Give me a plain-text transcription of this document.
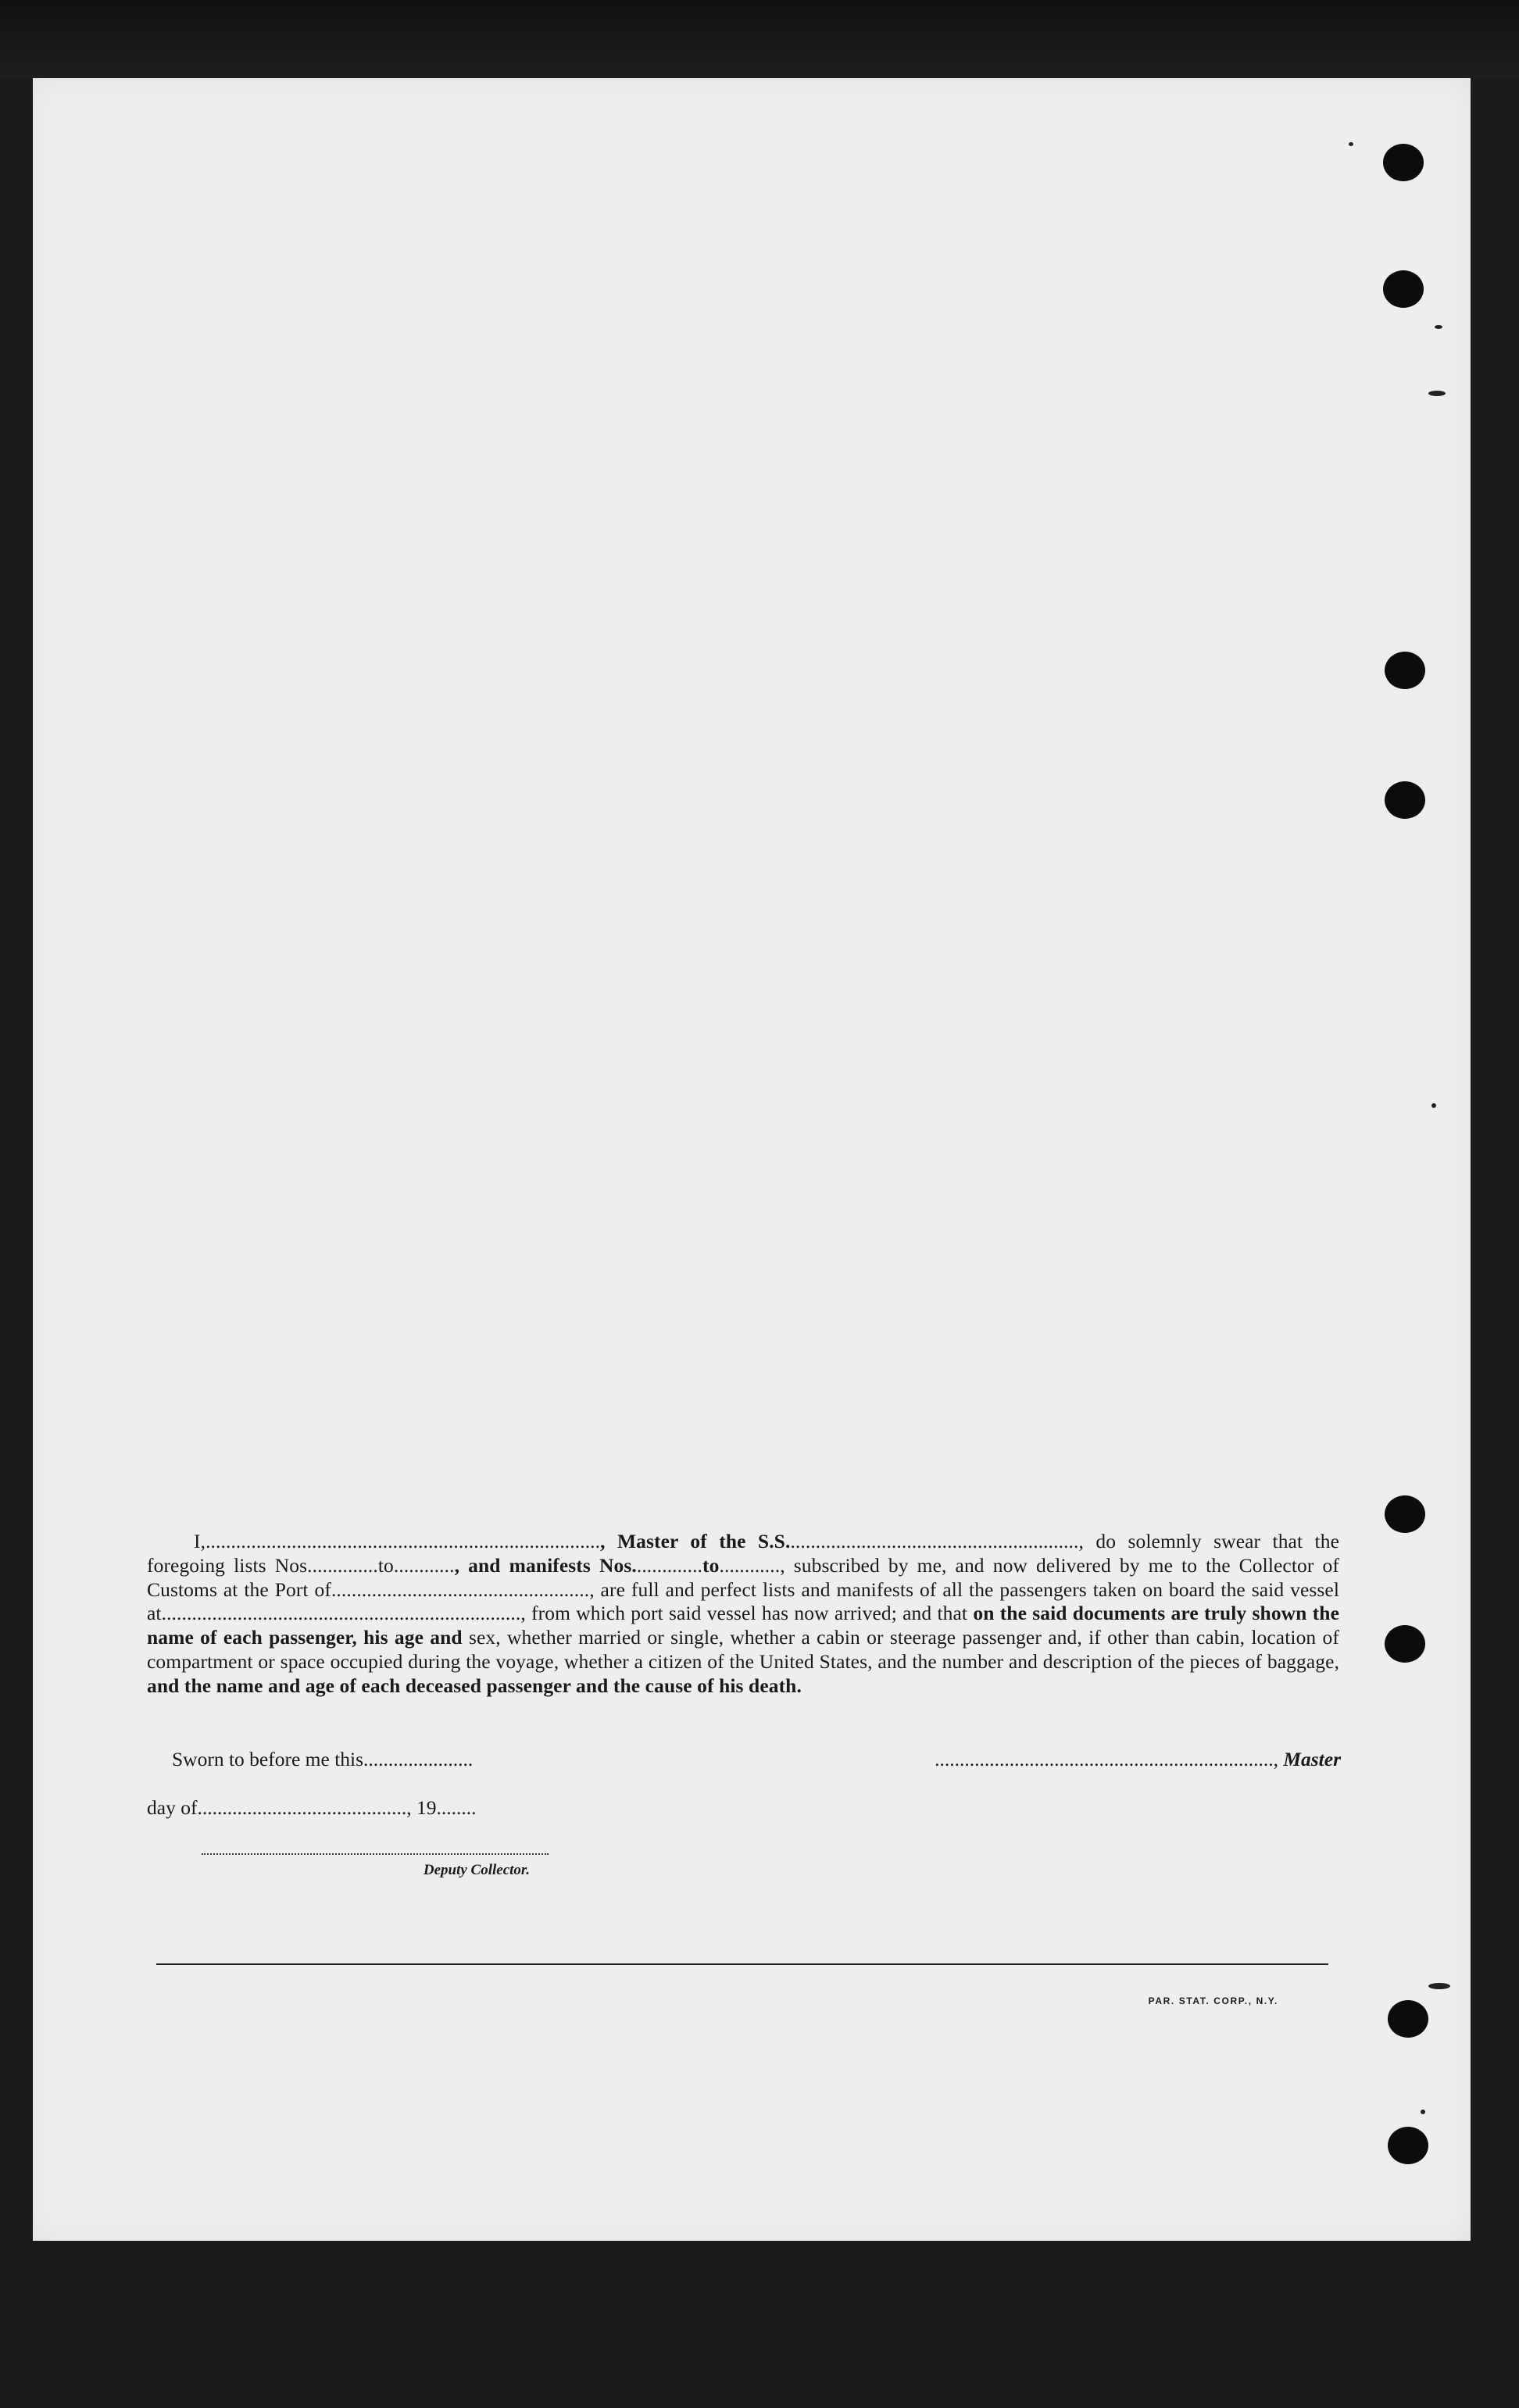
I,.............................................................................., Master of the S.S.........................................................., do solemnly swear that the foregoing lists Nos..............to............, and manifests Nos..............to............, subscribed by me, and now delivered by me to the Collector of Customs at the Port of..................................................., are full and perfect lists and manifests of all the passengers taken on board the said vessel at......................................................................., from which port said vessel has now arrived; and that on the said documents are truly shown the name of each passenger, his age and sex, whether married or single, whether a cabin or steerage passenger and, if other than cabin, location of compartment or space occupied during the voyage, whether a citizen of the United States, and the number and description of the pieces of baggage, and the name and age of each deceased passenger and the cause of his death.

Sworn to before me this......................	...................................................................., Master
day of.........................................., 19........
Deputy Collector.
PAR. STAT. CORP., N.Y.
